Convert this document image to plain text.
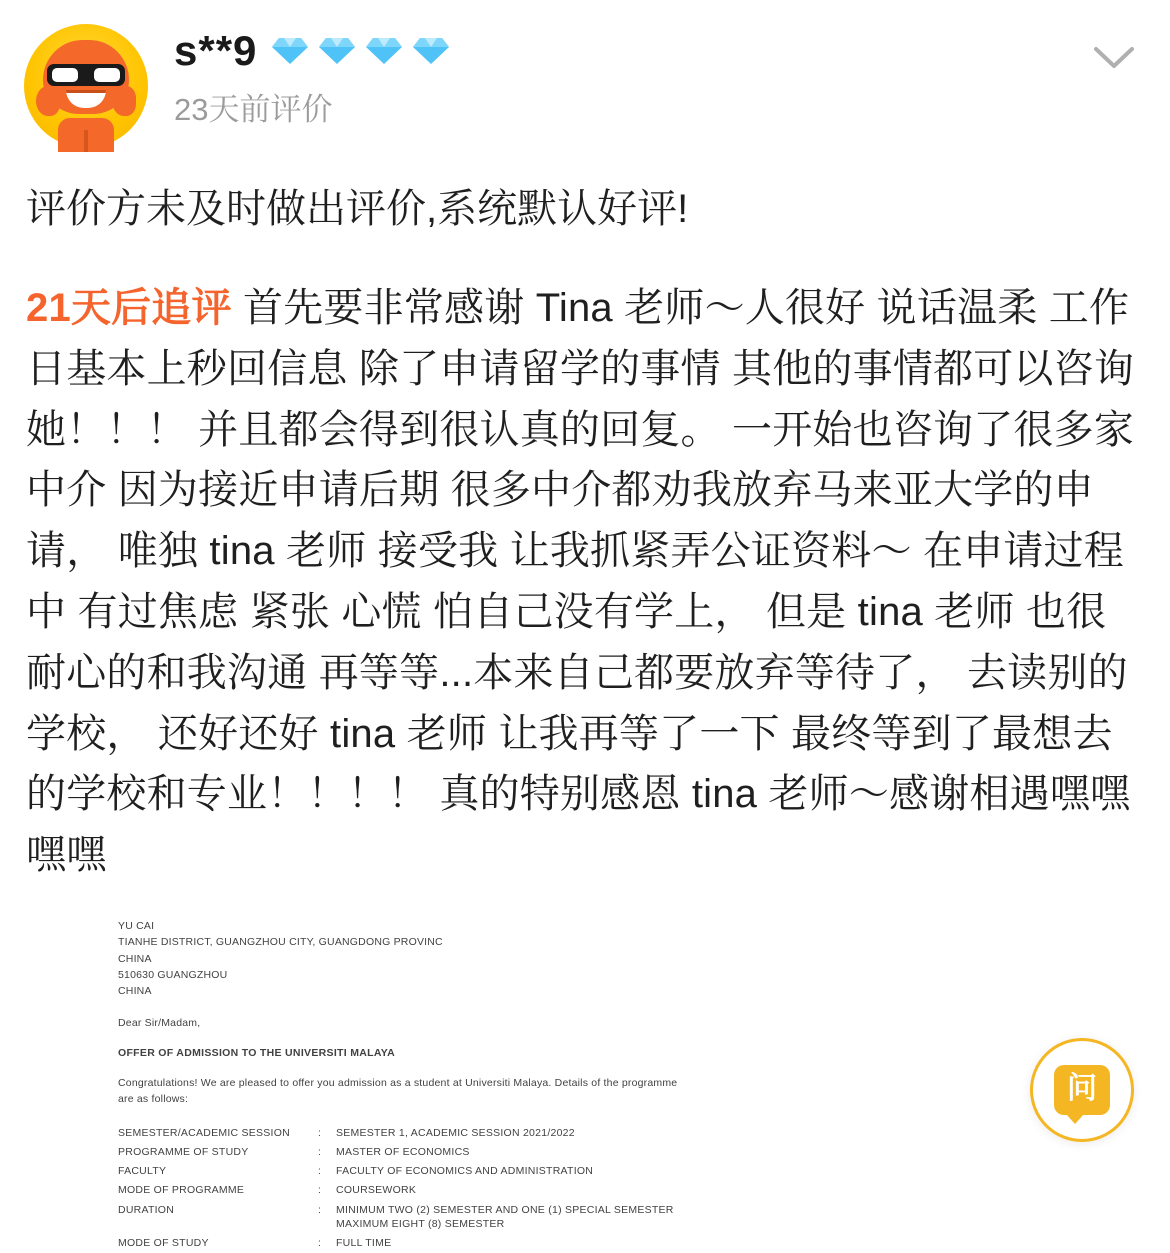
s**9
23天前评价
评价方未及时做出评价,系统默认好评!
21天后追评 首先要非常感谢 Tina 老师～人很好 说话温柔 工作日基本上秒回信息 除了申请留学的事情 其他的事情都可以咨询她！！！ 并且都会得到很认真的回复。 一开始也咨询了很多家中介 因为接近申请后期 很多中介都劝我放弃马来亚大学的申请， 唯独 tina 老师 接受我 让我抓紧弄公证资料～ 在申请过程中 有过焦虑 紧张 心慌 怕自己没有学上， 但是 tina 老师 也很耐心的和我沟通 再等等...本来自己都要放弃等待了， 去读别的学校， 还好还好 tina 老师 让我再等了一下 最终等到了最想去的学校和专业！！！！ 真的特别感恩 tina 老师～感谢相遇嘿嘿嘿嘿
YU CAI
TIANHE DISTRICT, GUANGZHOU CITY, GUANGDONG PROVINC
CHINA
510630 GUANGZHOU
CHINA
Dear Sir/Madam,
OFFER OF ADMISSION TO THE UNIVERSITI MALAYA
Congratulations! We are pleased to offer you admission as a student at Universiti Malaya. Details of the programme are as follows:
SEMESTER/ACADEMIC SESSION	:	SEMESTER 1, ACADEMIC SESSION 2021/2022

PROGRAMME OF STUDY	:	MASTER OF ECONOMICS

FACULTY	:	FACULTY OF ECONOMICS AND ADMINISTRATION

MODE OF PROGRAMME	:	COURSEWORK

DURATION	:	MINIMUM TWO (2) SEMESTER AND ONE (1) SPECIAL SEMESTER
MAXIMUM EIGHT (8) SEMESTER

MODE OF STUDY	:	FULL TIME
问
